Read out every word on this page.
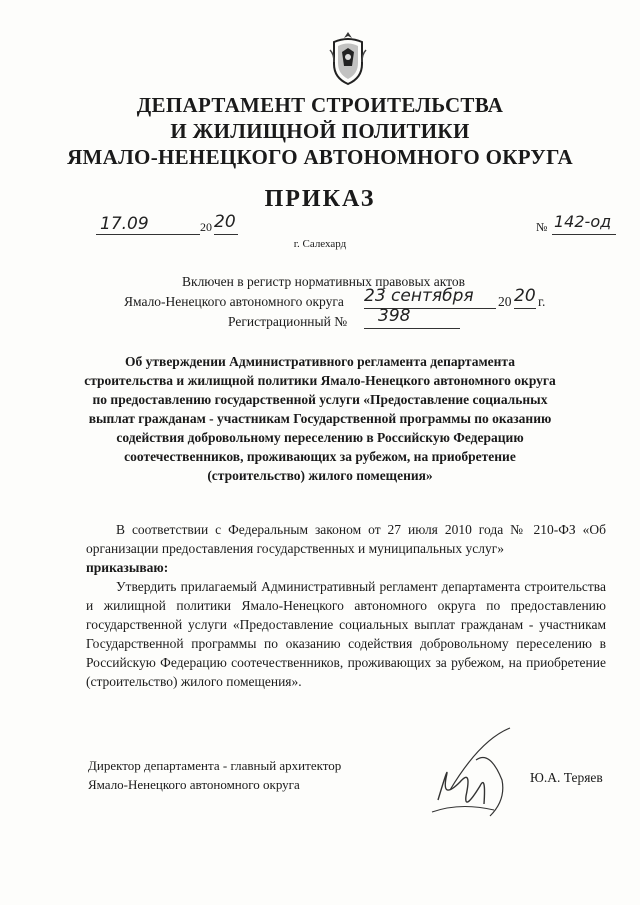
ДЕПАРТАМЕНТ СТРОИТЕЛЬСТВА
И ЖИЛИЩНОЙ ПОЛИТИКИ
ЯМАЛО-НЕНЕЦКОГО АВТОНОМНОГО ОКРУГА
ПРИКАЗ
17.09	20 20	№ 142-од
г. Салехард
Включен в регистр нормативных правовых актов
Ямало-Ненецкого автономного округа 23 сентября 20 20 г.
Регистрационный № 398
Об утверждении Административного регламента департамента
строительства и жилищной политики Ямало-Ненецкого автономного округа
по предоставлению государственной услуги «Предоставление социальных
выплат гражданам - участникам Государственной программы по оказанию
содействия добровольному переселению в Российскую Федерацию
соотечественников, проживающих за рубежом, на приобретение
(строительство) жилого помещения»

В соответствии с Федеральным законом от 27 июля 2010 года № 210-ФЗ «Об организации предоставления государственных и муниципальных услуг»

приказываю:

Утвердить прилагаемый Административный регламент департамента строительства и жилищной политики Ямало-Ненецкого автономного округа по предоставлению государственной услуги «Предоставление социальных выплат гражданам - участникам Государственной программы по оказанию содействия добровольному переселению в Российскую Федерацию соотечественников, проживающих за рубежом, на приобретение (строительство) жилого помещения».

Директор департамента - главный архитектор
Ямало-Ненецкого автономного округа	Ю.А. Теряев
